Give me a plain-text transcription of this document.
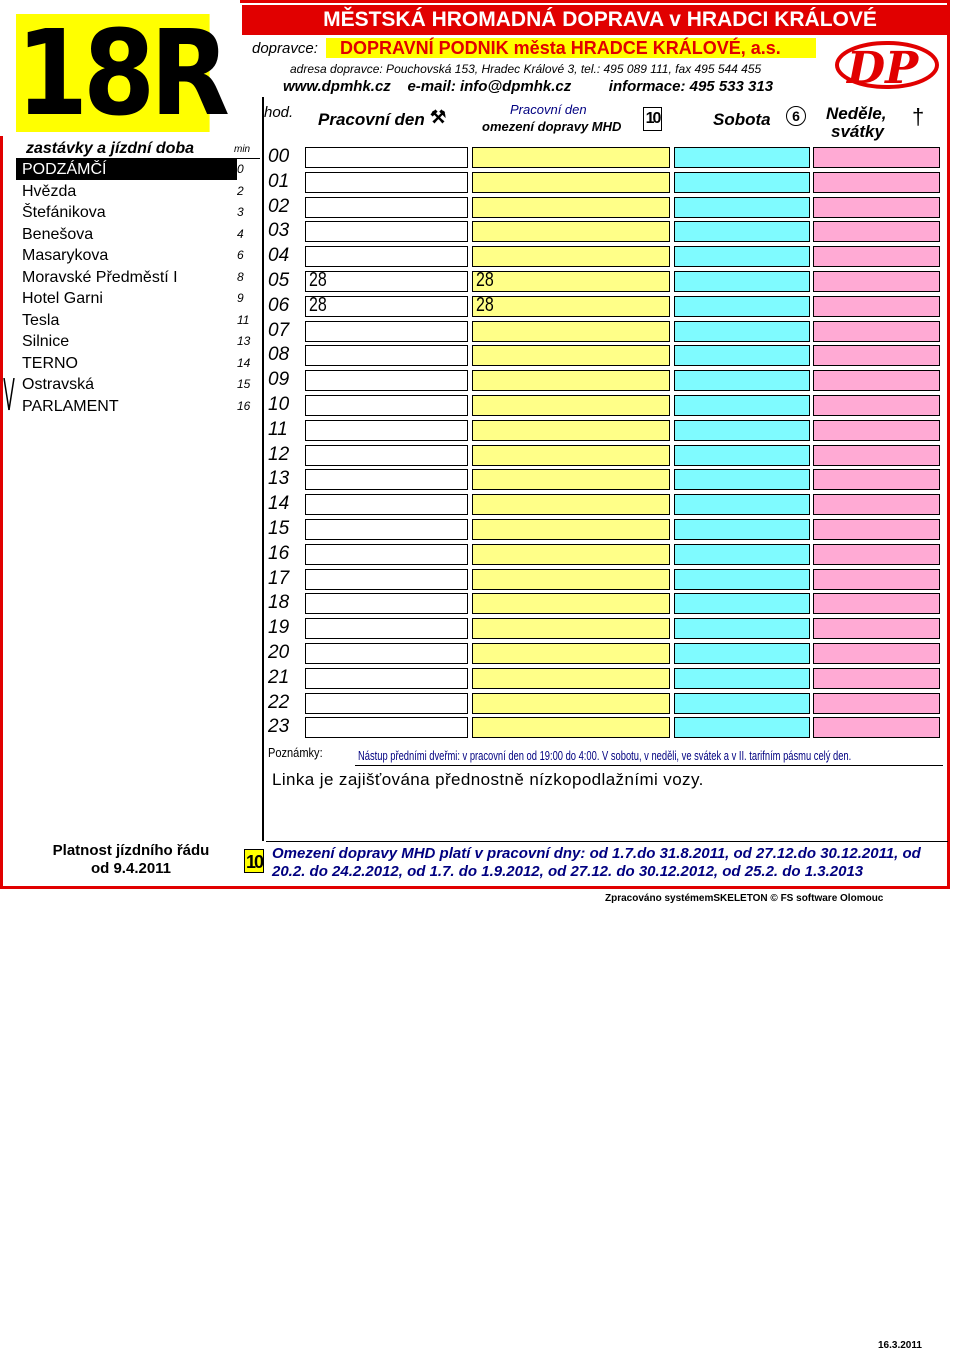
18R	MĚSTSKÁ HROMADNÁ DOPRAVA v HRADCI KRÁLOVÉ
dopravce:	DOPRAVNÍ PODNIK města HRADCE KRÁLOVÉ, a.s.
adresa dopravce: Pouchovská 153, Hradec Králové 3, tel.: 495 089 111, fax 495 544 455
www.dpmhk.cz    e-mail: info@dpmhk.cz         informace: 495 533 313 DP
zastávky a jízdní doba	min
PODZÁMČÍ	0
Hvězda	2
Štefánikova	3
Benešova	4
Masarykova	6
Moravské Předměstí I	8
Hotel Garni	9
Tesla	11
Silnice	13
TERNO	14
Ostravská	15
PARLAMENT	16
hod. Pracovní den ⚒	Pracovní den
omezení dopravy MHD 10	Sobota	6	Neděle,
svátky
†
00
01
02
03
04
05 28	28
06 28	28
07
08
09
10
11
12
13
14
15
16
17
18
19
20
21
22
23
Poznámky:	Nástup předními dveřmi: v pracovní den od 19:00 do 4:00. V sobotu, v neděli, ve svátek a v II. tarifním pásmu celý den.
Linka je zajišťována přednostně nízkopodlažními vozy.
Platnost jízdního řádu
od 9.4.2011	10 Omezení dopravy MHD platí v pracovní dny: od 1.7.do 31.8.2011, od 27.12.do 30.12.2011, od 20.2. do 24.2.2012, od 1.7. do 1.9.2012, od 27.12. do 30.12.2012, od 25.2. do 1.3.2013
Zpracováno systémemSKELETON © FS software Olomouc
16.3.2011
